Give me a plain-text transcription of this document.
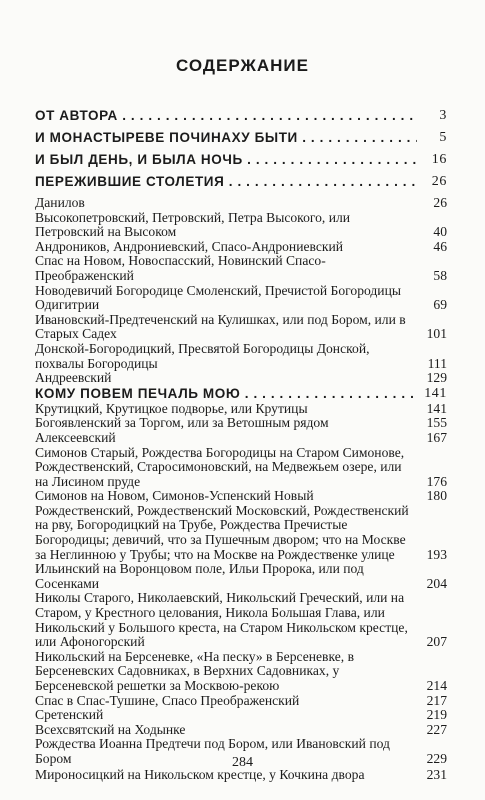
СОДЕРЖАНИЕ
ОТ АВТОРА . . .	3
И МОНАСТЫРЕВЕ ПОЧИНАХУ БЫТИ . . .	5
И БЫЛ ДЕНЬ, И БЫЛА НОЧЬ . . .	16
ПЕРЕЖИВШИЕ СТОЛЕТИЯ . . .	26
Данилов	26
Высокопетровский, Петровский, Петра Высокого, или Петровский на Высоком	40
Андроников, Андрониевский, Спасо-Андрониевский	46
Спас на Новом, Новоспасский, Новинский Спасо-Преображенский	58
Новодевичий Богородице Смоленский, Пречистой Богородицы Одигитрии	69
Ивановский-Предтеченский на Кулишках, или под Бором, или в Старых Садех	101
Донской-Богородицкий, Пресвятой Богородицы Донской, похвалы Богородицы	111
Андреевский	129
КОМУ ПОВЕМ ПЕЧАЛЬ МОЮ . . .	141
Крутицкий, Крутицкое подворье, или Крутицы	141
Богоявленский за Торгом, или за Ветошным рядом	155
Алексеевский	167
Симонов Старый, Рождества Богородицы на Старом Симонове, Рождественский, Старосимоновский, на Медвежьем озере, или на Лисином пруде	176
Симонов на Новом, Симонов-Успенский Новый	180
Рождественский, Рождественский Московский, Рождественский на рву, Богородицкий на Трубе, Рождества Пречистые Богородицы; девичий, что за Пушечным двором; что на Москве за Неглинною у Трубы; что на Москве на Рождественке улице	193
Ильинский на Воронцовом поле, Ильи Пророка, или под Сосенками	204
Николы Старого, Николаевский, Никольский Греческий, или на Старом, у Крестного целования, Никола Большая Глава, или Никольский у Большого креста, на Старом Никольском крестце, или Афоногорский	207
Никольский на Берсеневке, «На песку» в Берсеневке, в Берсеневских Садовниках, в Верхних Садовниках, у Берсеневской решетки за Москвою-рекою	214
Спас в Спас-Тушине, Спасо Преображенский	217
Сретенский	219
Всехсвятский на Ходынке	227
Рождества Иоанна Предтечи под Бором, или Ивановский под Бором	229
Мироносицкий на Никольском крестце, у Кочкина двора	231
284
